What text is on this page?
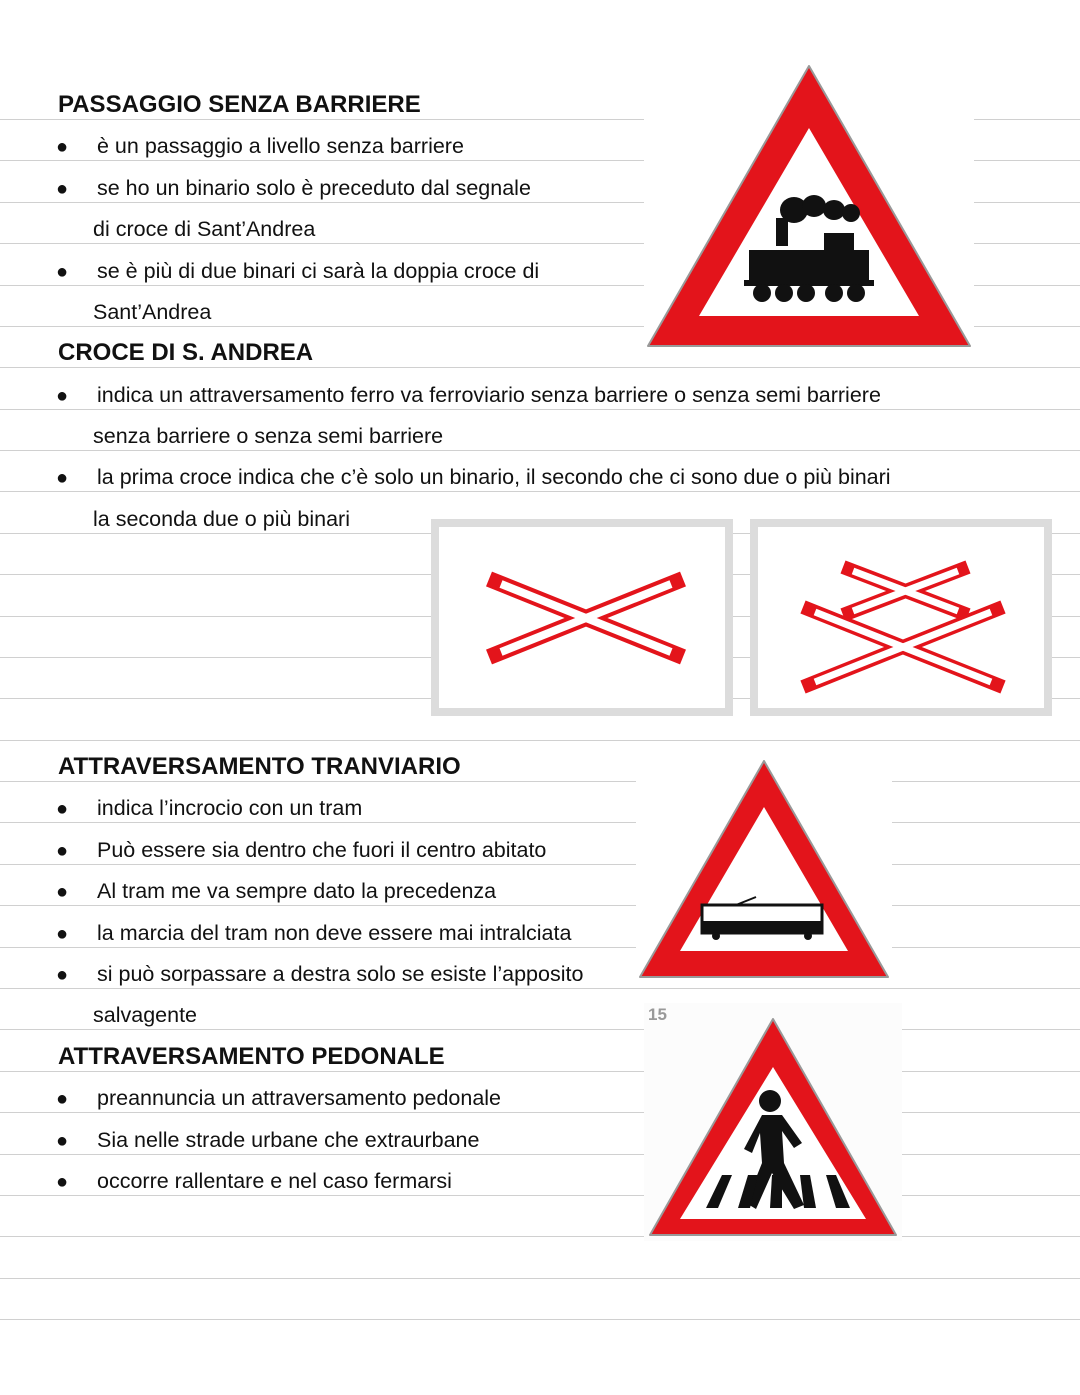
PASSAGGIO SENZA BARRIERE
● è un passaggio a livello senza barriere
● se ho un binario solo è preceduto dal segnale
di croce di Sant’Andrea
● se è più di due binari ci sarà la doppia croce di
Sant’Andrea
CROCE DI S. ANDREA
● indica un attraversamento ferro va ferroviario senza barriere o senza semi barriere
senza barriere o senza semi barriere
● la prima croce indica che c’è solo un binario, il secondo che ci sono due o più binari
la seconda due o più binari
ATTRAVERSAMENTO TRANVIARIO
● indica l’incrocio con un tram
● Può essere sia dentro che fuori il centro abitato
● Al tram me va sempre dato la precedenza
● la marcia del tram non deve essere mai intralciata
● si può sorpassare a destra solo se esiste l’apposito
salvagente
ATTRAVERSAMENTO PEDONALE
● preannuncia un attraversamento pedonale
● Sia nelle strade urbane che extraurbane
● occorre rallentare e nel caso fermarsi
15
